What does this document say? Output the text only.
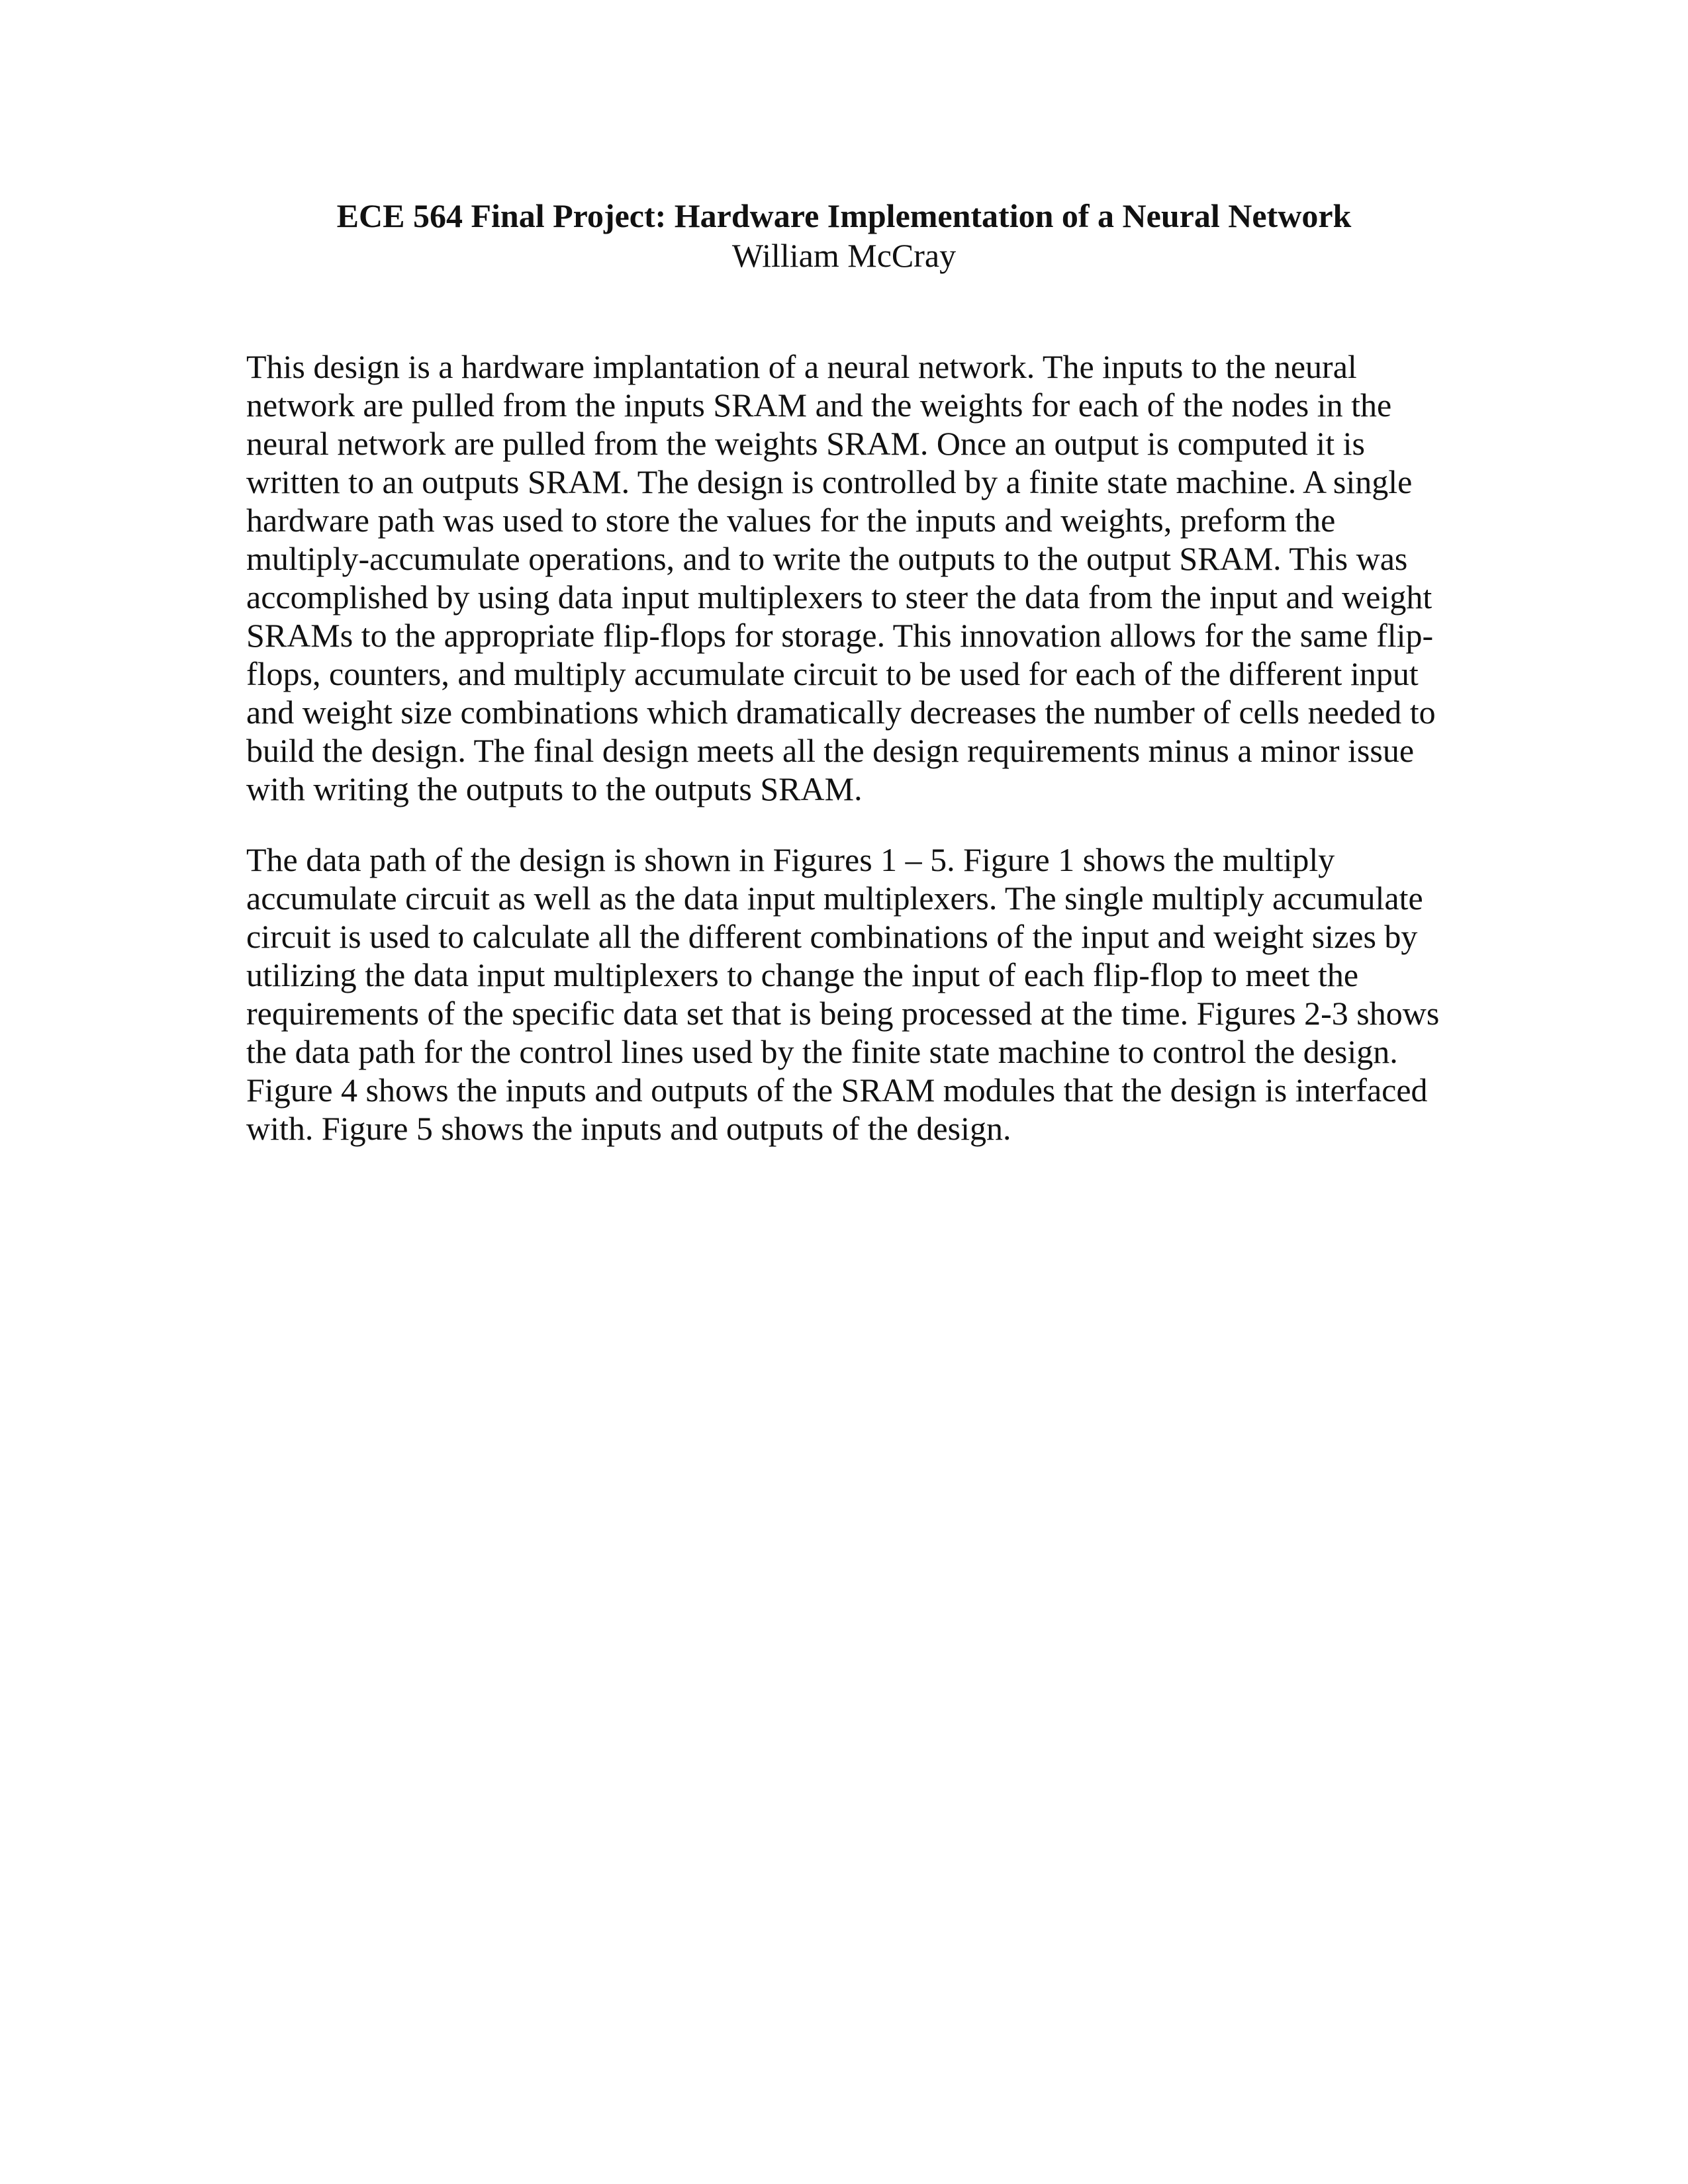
ECE 564 Final Project: Hardware Implementation of a Neural Network

William McCray

This design is a hardware implantation of a neural network. The inputs to the neural network are pulled from the inputs SRAM and the weights for each of the nodes in the neural network are pulled from the weights SRAM. Once an output is computed it is written to an outputs SRAM. The design is controlled by a finite state machine. A single hardware path was used to store the values for the inputs and weights, preform the multiply-accumulate operations, and to write the outputs to the output SRAM. This was accomplished by using data input multiplexers to steer the data from the input and weight SRAMs to the appropriate flip-flops for storage. This innovation allows for the same flip-flops, counters, and multiply accumulate circuit to be used for each of the different input and weight size combinations which dramatically decreases the number of cells needed to build the design. The final design meets all the design requirements minus a minor issue with writing the outputs to the outputs SRAM.

The data path of the design is shown in Figures 1 – 5. Figure 1 shows the multiply accumulate circuit as well as the data input multiplexers. The single multiply accumulate circuit is used to calculate all the different combinations of the input and weight sizes by utilizing the data input multiplexers to change the input of each flip-flop to meet the requirements of the specific data set that is being processed at the time. Figures 2-3 shows the data path for the control lines used by the finite state machine to control the design. Figure 4 shows the inputs and outputs of the SRAM modules that the design is interfaced with. Figure 5 shows the inputs and outputs of the design.
